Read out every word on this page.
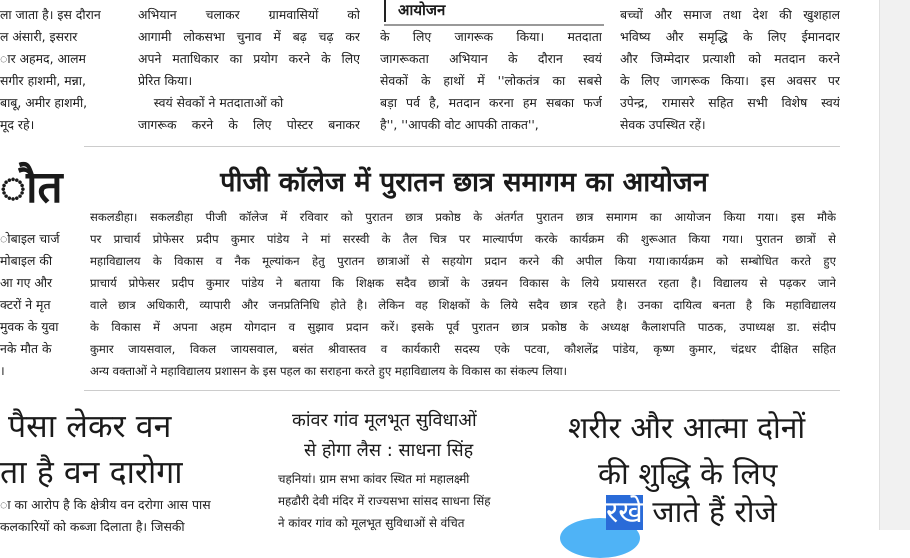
ला जाता है। इस दौरान
ल अंसारी, इसरार
ार अहमद, आलम
सगीर हाशमी, मन्ना,
बाबू, अमीर हाशमी,
मूद रहे।
अभियान चलाकर ग्रामवासियों को
आगामी लोकसभा चुनाव में बढ़ चढ़ कर
अपने मताधिकार का प्रयोग करने के लिए
प्रेरित किया।
स्वयं सेवकों ने मतदाताओं को
जागरूक करने के लिए पोस्टर बनाकर
आयोजन
के लिए जागरूक किया। मतदाता
जागरूकता अभियान के दौरान स्वयं
सेवकों के हाथों में ''लोकतंत्र का सबसे
बड़ा पर्व है, मतदान करना हम सबका फर्ज
है'', ''आपकी वोट आपकी ताकत'',
बच्चों और समाज तथा देश की खुशहाल
भविष्य और समृद्धि के लिए ईमानदार
और जिम्मेदार प्रत्याशी को मतदान करने
के लिए जागरूक किया। इस अवसर पर
उपेन्द्र, रामासरे सहित सभी विशेष स्वयं
सेवक उपस्थित रहें।
ौत
ोबाइल चार्ज
मोबाइल की
आ गए और
क्टरों ने मृत
मुवक के युवा
नके मौत के
।
पीजी कॉलेज में पुरातन छात्र समागम का आयोजन
सकलडीहा। सकलडीहा पीजी कॉलेज में रविवार को पुरातन छात्र प्रकोष्ठ के अंतर्गत पुरातन छात्र समागम का आयोजन किया गया। इस मौके
पर प्राचार्य प्रोफेसर प्रदीप कुमार पांडेय ने मां सरस्वी के तैल चित्र पर माल्यार्पण करके कार्यक्रम की शुरूआत किया गया। पुरातन छात्रों से
महाविद्यालय के विकास व नैक मूल्यांकन हेतु पुरातन छात्राओं से सहयोग प्रदान करने की अपील किया गया।कार्यक्रम को सम्बोधित करते हुए
प्राचार्य प्रोफेसर प्रदीप कुमार पांडेय ने बताया कि शिक्षक सदैव छात्रों के उन्नयन विकास के लिये प्रयासरत रहता है। विद्यालय से पढ़कर जाने
वाले छात्र अधिकारी, व्यापारी और जनप्रतिनिधि होते है। लेकिन वह शिक्षकों के लिये सदैव छात्र रहते है। उनका दायित्व बनता है कि महाविद्यालय
के विकास में अपना अहम योगदान व सुझाव प्रदान करें। इसके पूर्व पुरातन छात्र प्रकोष्ठ के अध्यक्ष कैलाशपति पाठक, उपाध्यक्ष डा. संदीप
कुमार जायसवाल, विकल जायसवाल, बसंत श्रीवास्तव व कार्यकारी सदस्य एके पटवा, कौशलेंद्र पांडेय, कृष्ण कुमार, चंद्रधर दीक्षित सहित
अन्य वक्ताओं ने महाविद्यालय प्रशासन के इस पहल का सराहना करते हुए महाविद्यालय के विकास का संकल्प लिया।
पैसा लेकर वन
ता है वन दारोगा
ा का आरोप है कि क्षेत्रीय वन दरोगा आस पास
कलकारियों को कब्जा दिलाता है। जिसकी
कांवर गांव मूलभूत सुविधाओं
से होगा लैस : साधना सिंह
चहनियां। ग्राम सभा कांवर स्थित मां महालक्ष्मी
महढौरी देवी मंदिर में राज्यसभा सांसद साधना सिंह
ने कांवर गांव को मूलभूत सुविधाओं से वंचित
शरीर और आत्मा दोनों
की शुद्धि के लिए
रखे जाते हैं रोजे
